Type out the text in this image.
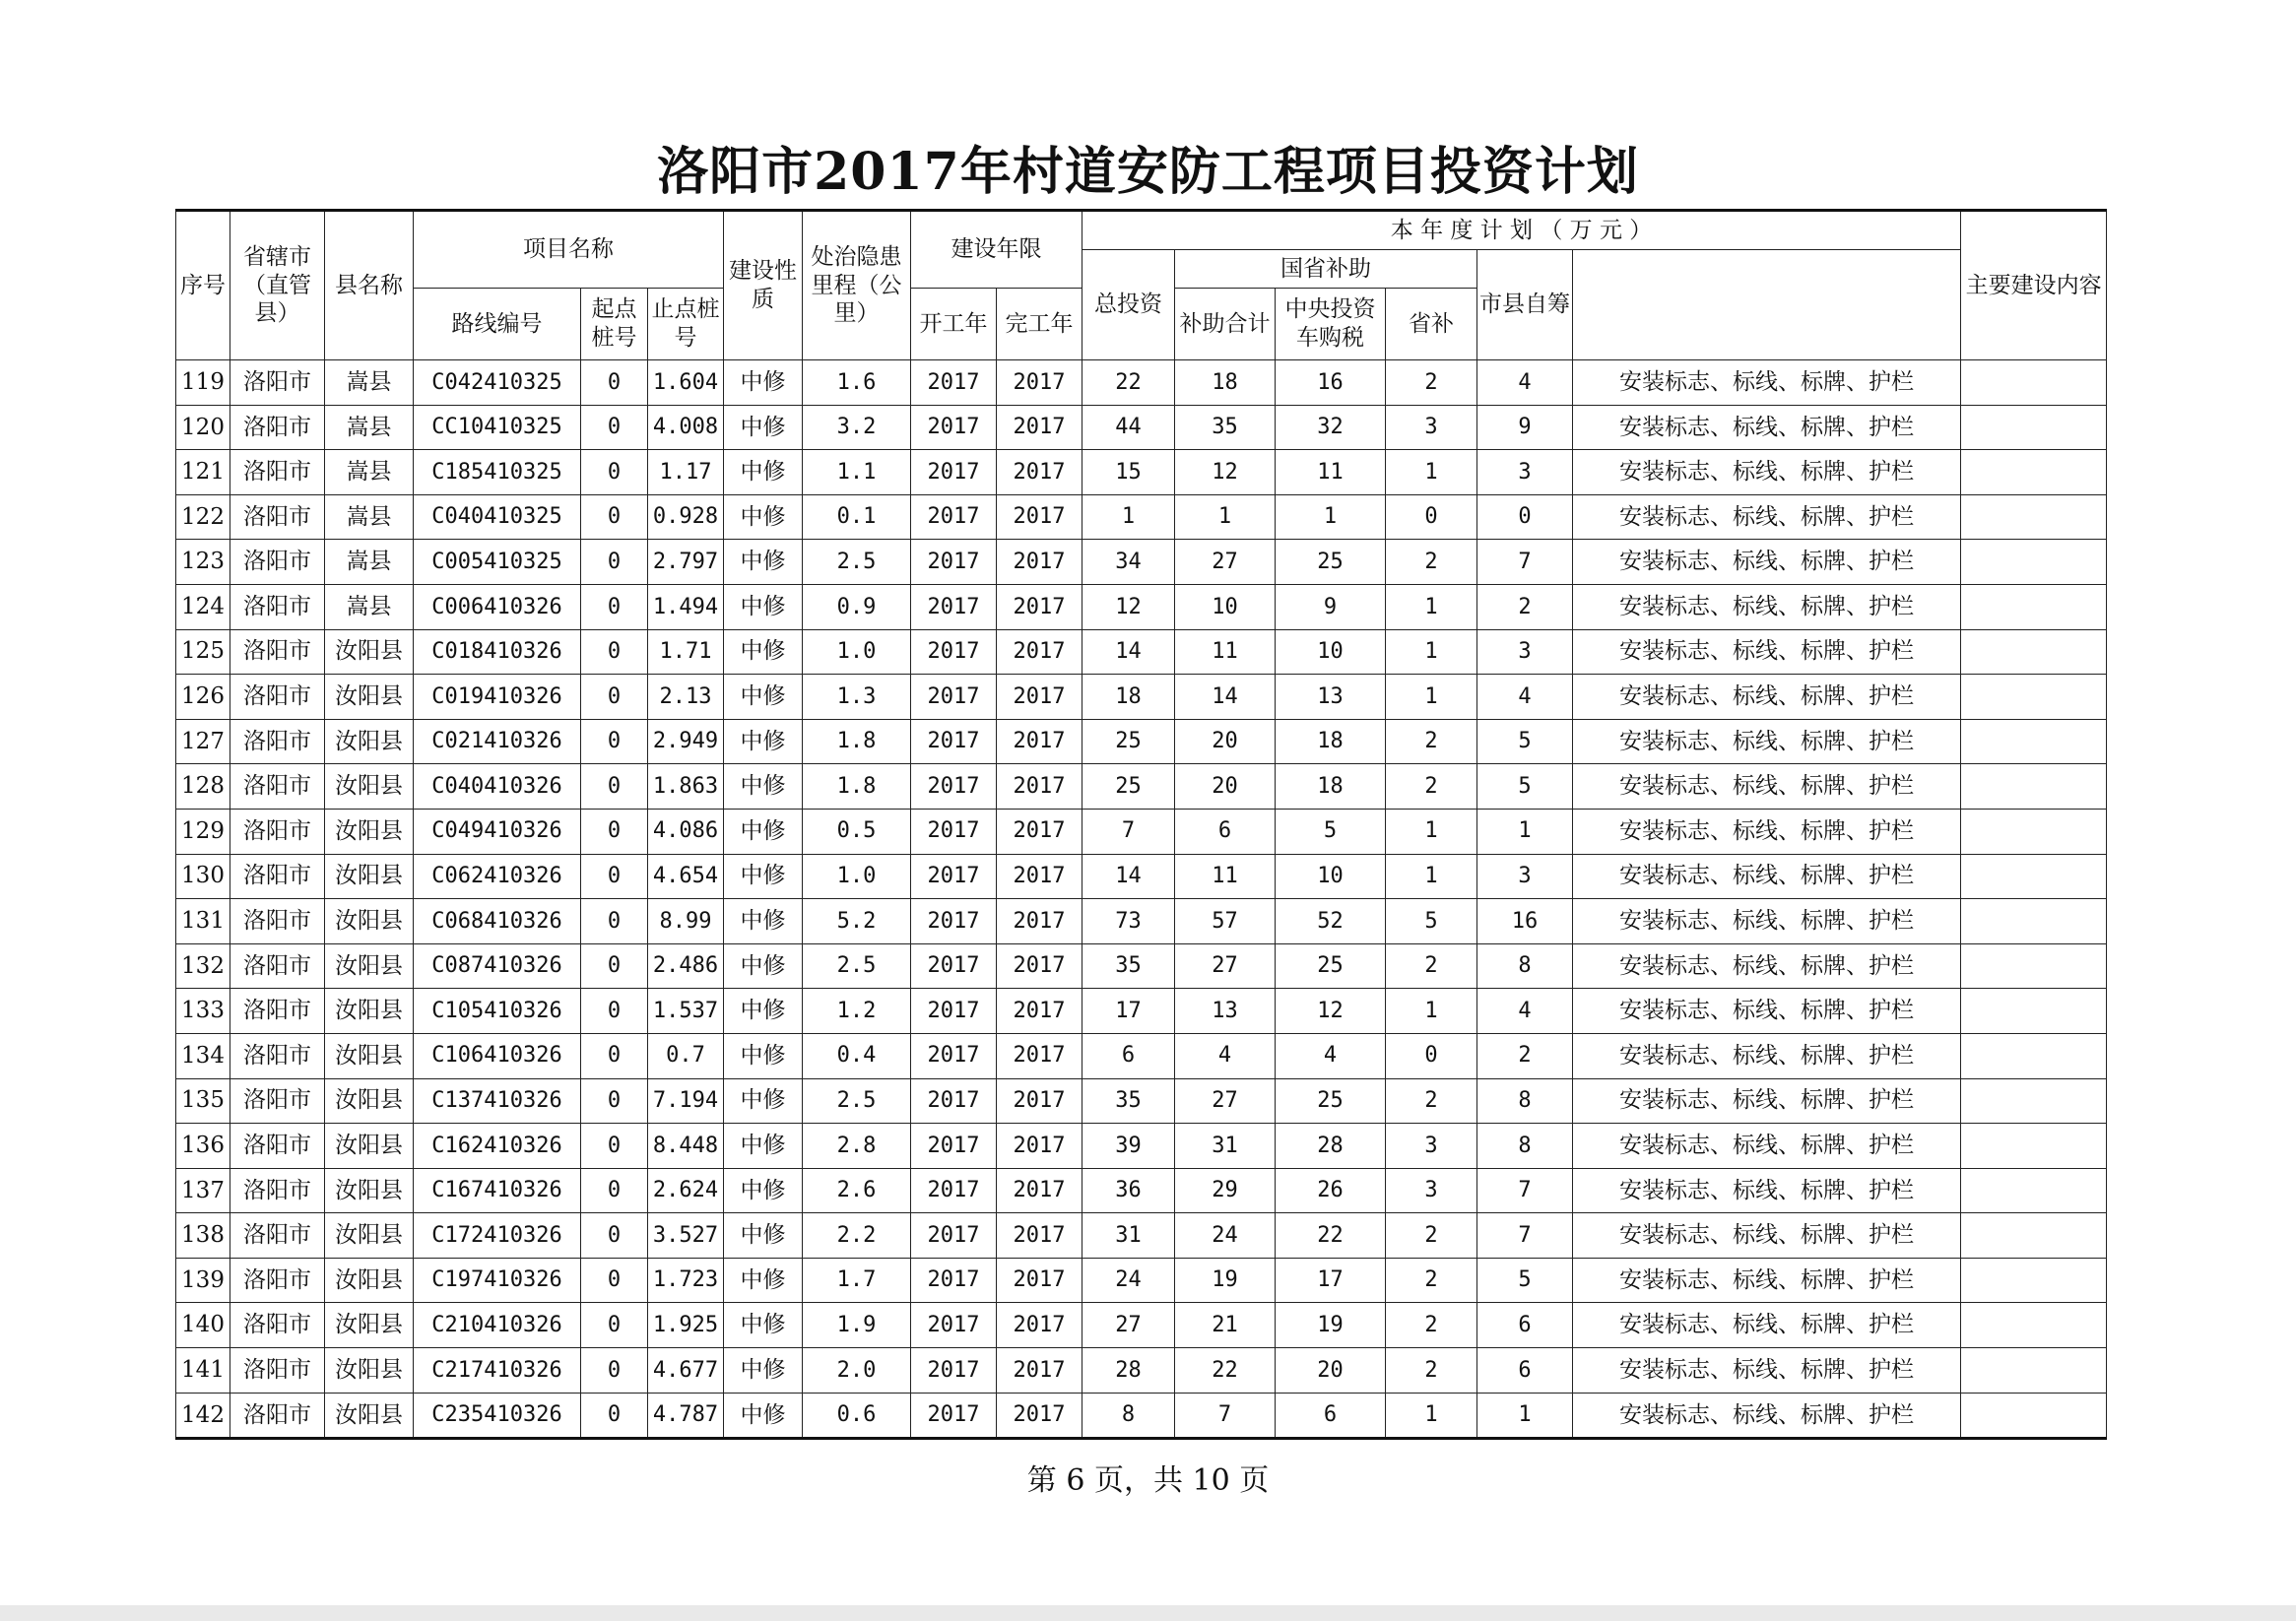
洛阳市2017年村道安防工程项目投资计划
序号	省辖市（直管县）	县名称	项目名称			建设性质	处治隐患里程（公里）	建设年限		本 年 度 计 划 （ 万 元 ）						主要建设内容	
										总投资	国省补助			市县自筹			
			路线编号	起点桩号	止点桩号			开工年	完工年		补助合计	中央投资车购税	省补				
119	洛阳市	嵩县	C042410325	0	1.604	中修	1.6	2017	2017	22	18	16	2	4	安装标志、标线、标牌、护栏		
120	洛阳市	嵩县	CC10410325	0	4.008	中修	3.2	2017	2017	44	35	32	3	9	安装标志、标线、标牌、护栏		
121	洛阳市	嵩县	C185410325	0	1.17	中修	1.1	2017	2017	15	12	11	1	3	安装标志、标线、标牌、护栏		
122	洛阳市	嵩县	C040410325	0	0.928	中修	0.1	2017	2017	1	1	1	0	0	安装标志、标线、标牌、护栏		
123	洛阳市	嵩县	C005410325	0	2.797	中修	2.5	2017	2017	34	27	25	2	7	安装标志、标线、标牌、护栏		
124	洛阳市	嵩县	C006410326	0	1.494	中修	0.9	2017	2017	12	10	9	1	2	安装标志、标线、标牌、护栏		
125	洛阳市	汝阳县	C018410326	0	1.71	中修	1.0	2017	2017	14	11	10	1	3	安装标志、标线、标牌、护栏		
126	洛阳市	汝阳县	C019410326	0	2.13	中修	1.3	2017	2017	18	14	13	1	4	安装标志、标线、标牌、护栏		
127	洛阳市	汝阳县	C021410326	0	2.949	中修	1.8	2017	2017	25	20	18	2	5	安装标志、标线、标牌、护栏		
128	洛阳市	汝阳县	C040410326	0	1.863	中修	1.8	2017	2017	25	20	18	2	5	安装标志、标线、标牌、护栏		
129	洛阳市	汝阳县	C049410326	0	4.086	中修	0.5	2017	2017	7	6	5	1	1	安装标志、标线、标牌、护栏		
130	洛阳市	汝阳县	C062410326	0	4.654	中修	1.0	2017	2017	14	11	10	1	3	安装标志、标线、标牌、护栏		
131	洛阳市	汝阳县	C068410326	0	8.99	中修	5.2	2017	2017	73	57	52	5	16	安装标志、标线、标牌、护栏		
132	洛阳市	汝阳县	C087410326	0	2.486	中修	2.5	2017	2017	35	27	25	2	8	安装标志、标线、标牌、护栏		
133	洛阳市	汝阳县	C105410326	0	1.537	中修	1.2	2017	2017	17	13	12	1	4	安装标志、标线、标牌、护栏		
134	洛阳市	汝阳县	C106410326	0	0.7	中修	0.4	2017	2017	6	4	4	0	2	安装标志、标线、标牌、护栏		
135	洛阳市	汝阳县	C137410326	0	7.194	中修	2.5	2017	2017	35	27	25	2	8	安装标志、标线、标牌、护栏		
136	洛阳市	汝阳县	C162410326	0	8.448	中修	2.8	2017	2017	39	31	28	3	8	安装标志、标线、标牌、护栏		
137	洛阳市	汝阳县	C167410326	0	2.624	中修	2.6	2017	2017	36	29	26	3	7	安装标志、标线、标牌、护栏		
138	洛阳市	汝阳县	C172410326	0	3.527	中修	2.2	2017	2017	31	24	22	2	7	安装标志、标线、标牌、护栏		
139	洛阳市	汝阳县	C197410326	0	1.723	中修	1.7	2017	2017	24	19	17	2	5	安装标志、标线、标牌、护栏		
140	洛阳市	汝阳县	C210410326	0	1.925	中修	1.9	2017	2017	27	21	19	2	6	安装标志、标线、标牌、护栏		
141	洛阳市	汝阳县	C217410326	0	4.677	中修	2.0	2017	2017	28	22	20	2	6	安装标志、标线、标牌、护栏		
142	洛阳市	汝阳县	C235410326	0	4.787	中修	0.6	2017	2017	8	7	6	1	1	安装标志、标线、标牌、护栏		
第 6 页，共 10 页
